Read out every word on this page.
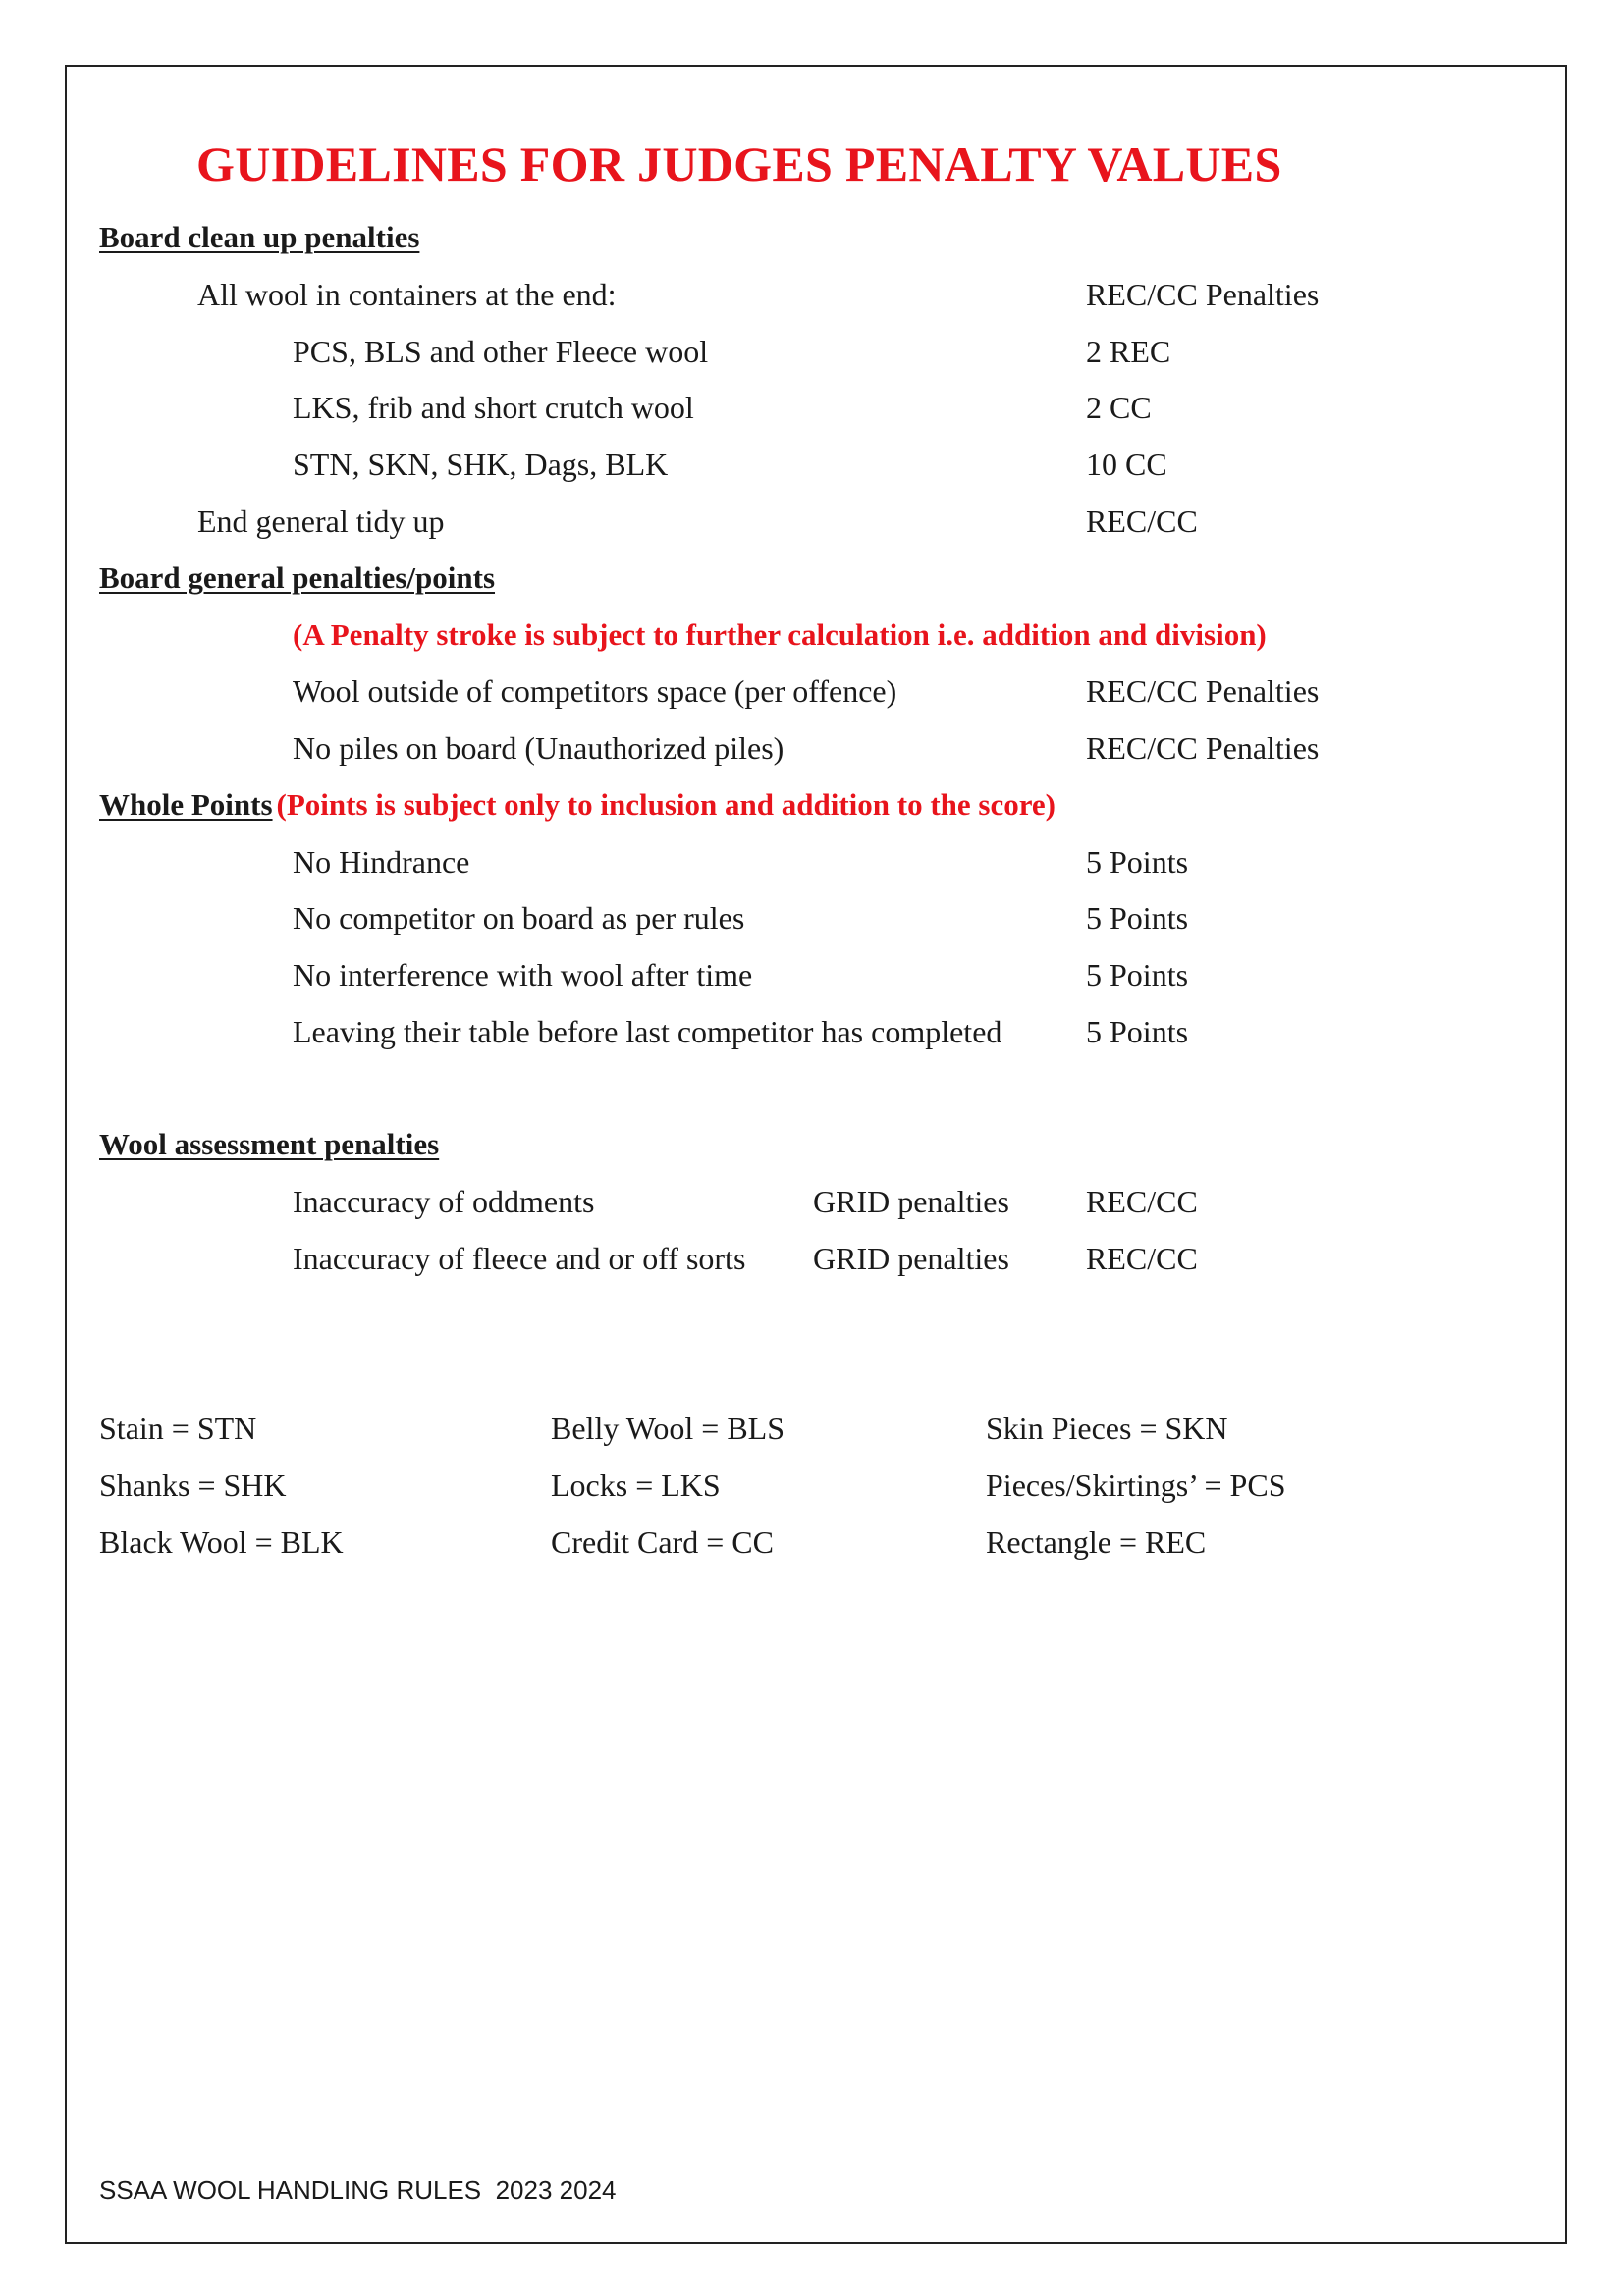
GUIDELINES FOR JUDGES PENALTY VALUES
Board clean up penalties
All wool in containers at the end:	REC/CC Penalties
PCS, BLS and other Fleece wool	2 REC
LKS, frib and short crutch wool	2 CC
STN, SKN, SHK, Dags, BLK	10 CC
End general tidy up	REC/CC
Board general penalties/points
(A Penalty stroke is subject to further calculation i.e. addition and division)
Wool outside of competitors space (per offence)	REC/CC Penalties
No piles on board (Unauthorized piles)	REC/CC Penalties
Whole Points (Points is subject only to inclusion and addition to the score)
No Hindrance	5 Points
No competitor on board as per rules	5 Points
No interference with wool after time	5 Points
Leaving their table before last competitor has completed	5 Points
Wool assessment penalties
Inaccuracy of oddments	GRID penalties REC/CC
Inaccuracy of fleece and or off sorts GRID penalties REC/CC
Stain = STN	Belly Wool = BLS	Skin Pieces = SKN
Shanks = SHK	Locks = LKS	Pieces/Skirtings’ = PCS
Black Wool = BLK	Credit Card = CC	Rectangle = REC
SSAA WOOL HANDLING RULES  2023 2024
